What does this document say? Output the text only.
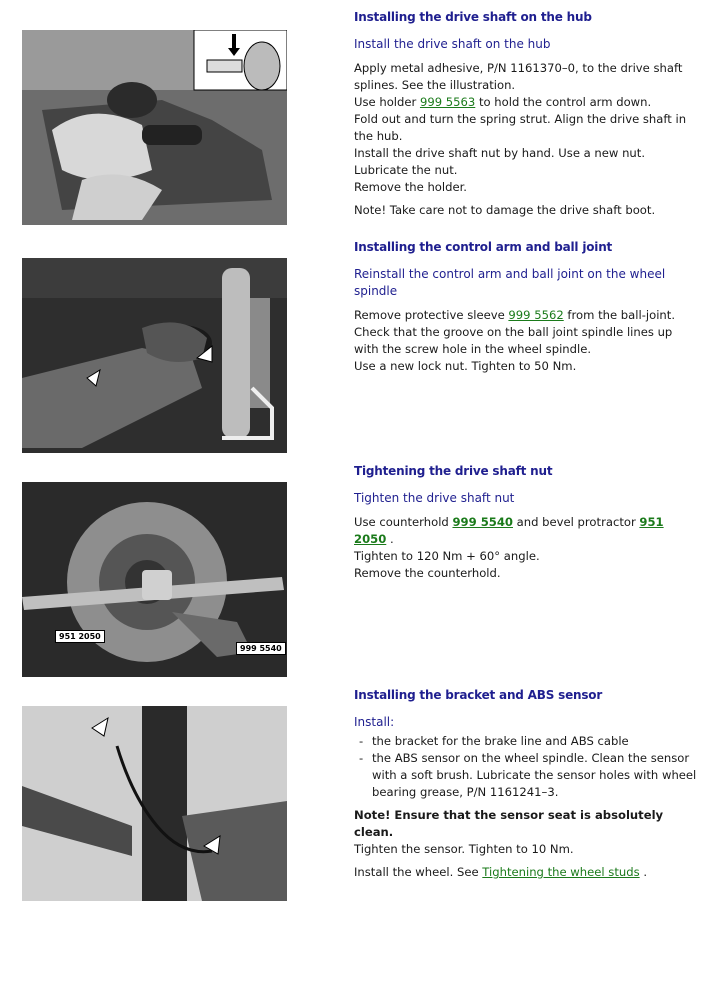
Installing the drive shaft on the hub
Install the drive shaft on the hub

Apply metal adhesive, P/N 1161370–0, to the drive shaft splines. See the illustration.

Use holder 999 5563 to hold the control arm down.

Fold out and turn the spring strut. Align the drive shaft in the hub.

Install the drive shaft nut by hand. Use a new nut.

Lubricate the nut.

Remove the holder.

Note! Take care not to damage the drive shaft boot.
Installing the control arm and ball joint
Reinstall the control arm and ball joint on the wheel spindle

Remove protective sleeve 999 5562 from the ball-joint.

Check that the groove on the ball joint spindle lines up with the screw hole in the wheel spindle.

Use a new lock nut. Tighten to 50 Nm.

951 2050
999 5540
Tightening the drive shaft nut
Tighten the drive shaft nut

Use counterhold 999 5540 and bevel protractor 951 2050 .

Tighten to 120 Nm + 60° angle.

Remove the counterhold.

Installing the bracket and ABS sensor
Install:
- the bracket for the brake line and ABS cable
- the ABS sensor on the wheel spindle. Clean the sensor with a soft brush. Lubricate the sensor holes with wheel bearing grease, P/N 1161241–3.
Note! Ensure that the sensor seat is absolutely clean.

Tighten the sensor. Tighten to 10 Nm.

Install the wheel. See Tightening the wheel studs .
